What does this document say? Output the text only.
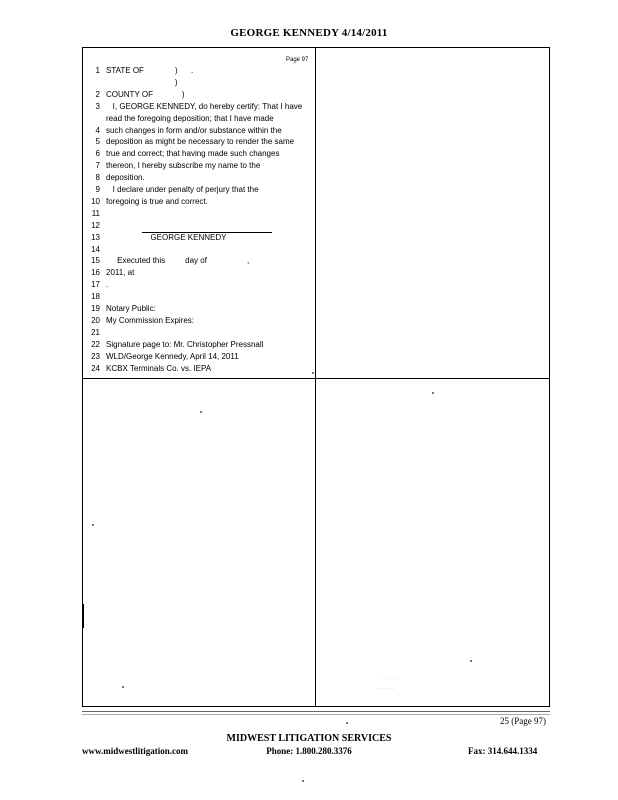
GEORGE KENNEDY 4/14/2011
Page 97
1 STATE OF              )      .
)
2 COUNTY OF             )
3 I, GEORGE KENNEDY, do hereby certify: That I have
read the foregoing deposition; that I have made
4 such changes in form and/or substance within the
5 deposition as might be necessary to render the same
6 true and correct; that having made such changes
7 thereon, I hereby subscribe my name to the
8 deposition.
9 I declare under penalty of perjury that the
10 foregoing is true and correct.
11
12
13 GEORGE KENNEDY
14
15 Executed this         day of                  ,
16 2011, at
17 .
18
19 Notary Public:
20 My Commission Expires:
21
22 Signature page to: Mr. Christopher Pressnall
23 WLD/George Kennedy, April 14, 2011
24 KCBX Terminals Co. vs. IEPA
· · · · ·
· · · · ·
25 (Page 97)
MIDWEST LITIGATION SERVICES
www.midwestlitigation.com	Phone: 1.800.280.3376	Fax: 314.644.1334
